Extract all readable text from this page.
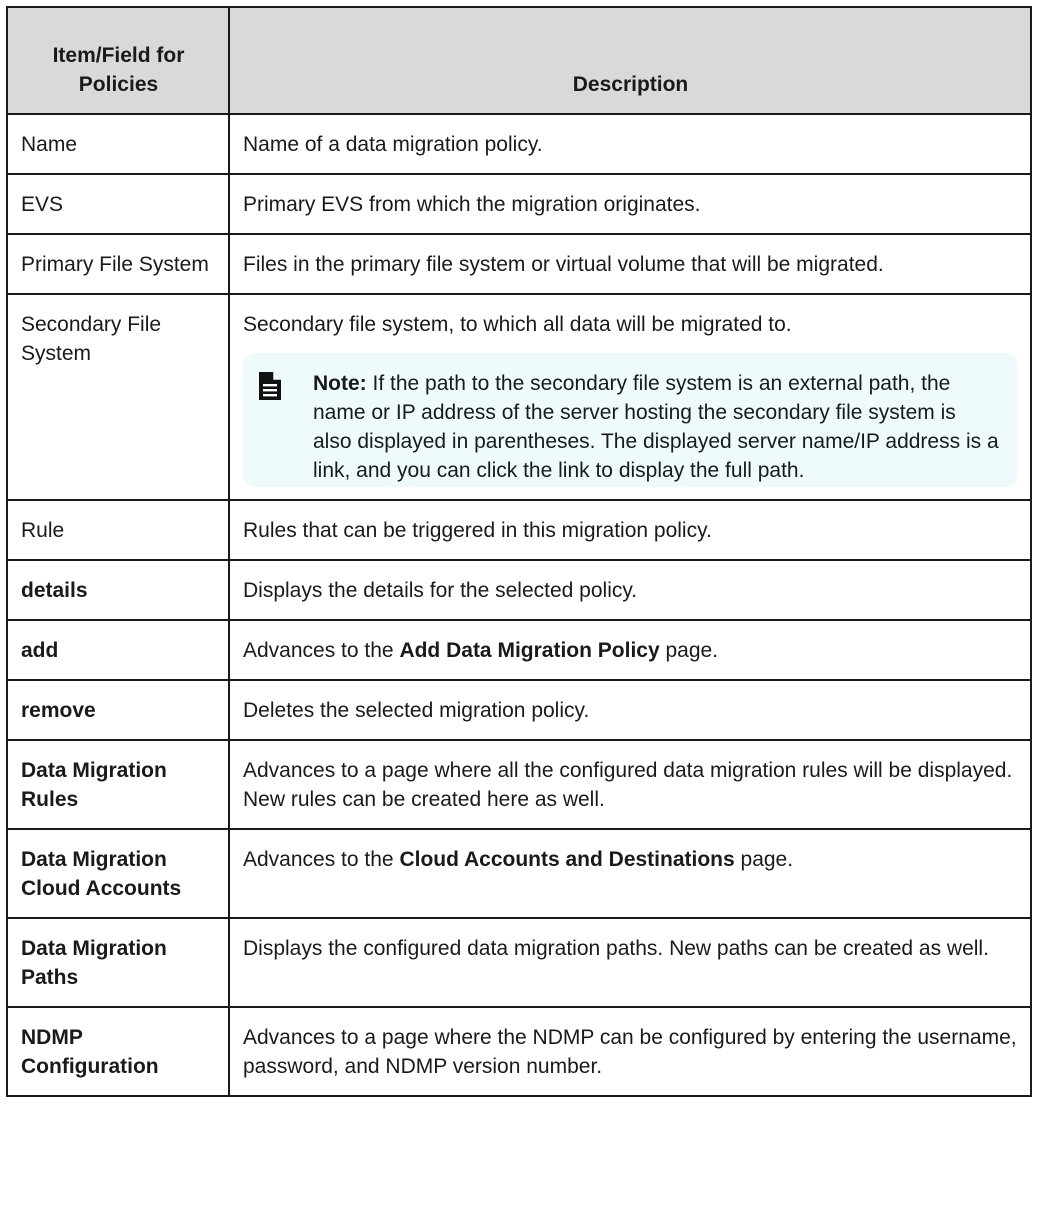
Item/Field for Policies	Description
Name	Name of a data migration policy.

EVS	Primary EVS from which the migration originates.

Primary File System	Files in the primary file system or virtual volume that will be migrated.

Secondary File System	Secondary file system, to which all data will be migrated to.
Note: If the path to the secondary file system is an external path, the name or IP address of the server hosting the secondary file system is also displayed in parentheses. The displayed server name/IP address is a link, and you can click the link to display the full path.

Rule	Rules that can be triggered in this migration policy.

details	Displays the details for the selected policy.

add	Advances to the Add Data Migration Policy page.

remove	Deletes the selected migration policy.

Data Migration Rules	Advances to a page where all the configured data migration rules will be displayed. New rules can be created here as well.

Data Migration Cloud Accounts	Advances to the Cloud Accounts and Destinations page.

Data Migration Paths	Displays the configured data migration paths. New paths can be created as well.

NDMP Configuration	Advances to a page where the NDMP can be configured by entering the username, password, and NDMP version number.
